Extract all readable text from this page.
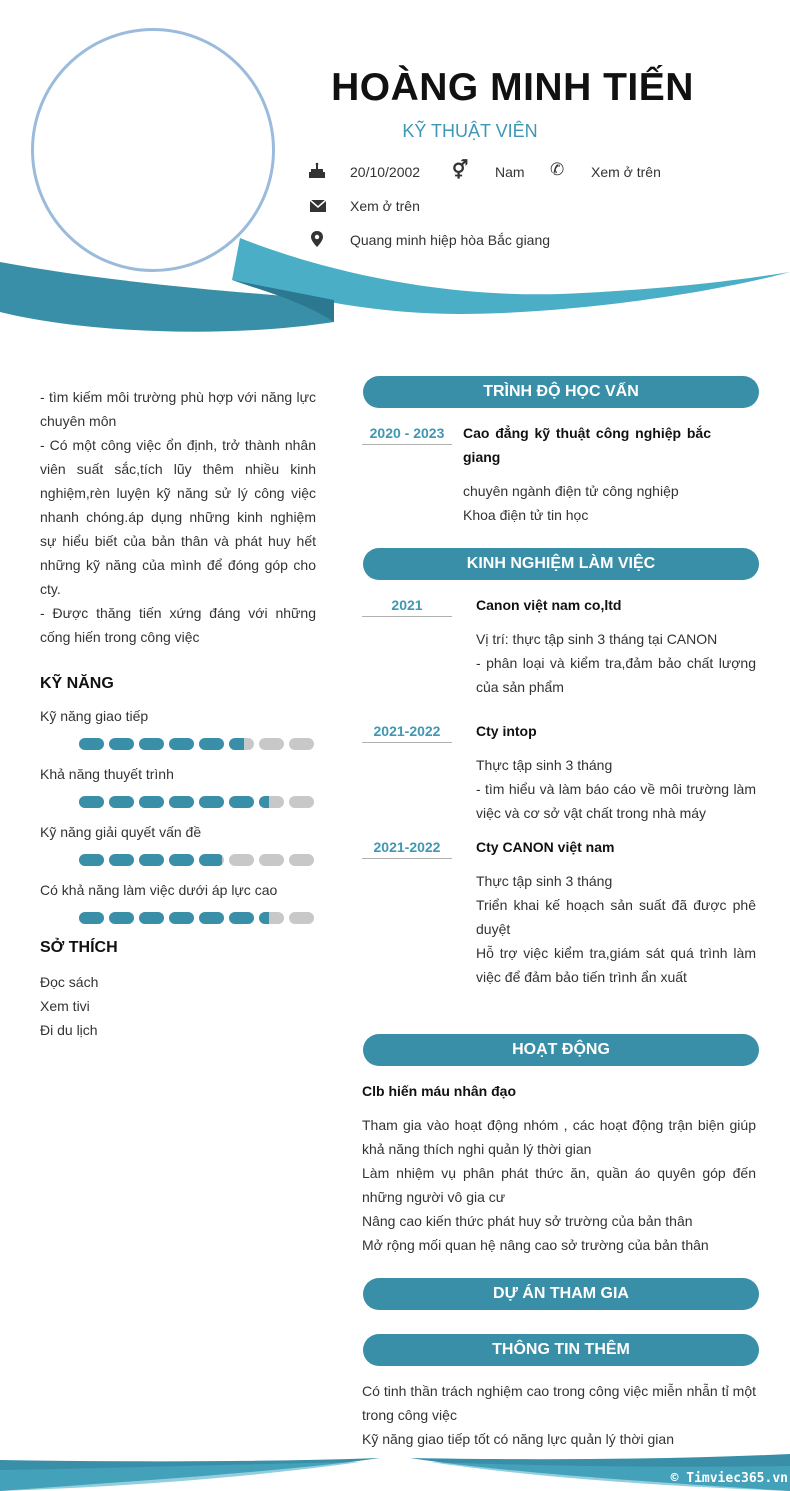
HOÀNG MINH TIẾN
KỸ THUẬT VIÊN
20/10/2002 ⚥ Nam ✆ Xem ở trên
Xem ở trên
Quang minh hiệp hòa Bắc giang
- tìm kiếm môi trường phù hợp với năng lực chuyên môn
- Có một công việc ổn định, trở thành nhân viên suất sắc,tích lũy thêm nhiều kinh nghiệm,rèn luyện kỹ năng sử lý công việc nhanh chóng.áp dụng những kinh nghiệm sự hiểu biết của bản thân và phát huy hết những kỹ năng của mình để đóng góp cho cty.
- Được thăng tiến xứng đáng với những cống hiến trong công việc
KỸ NĂNG
Kỹ năng giao tiếp
Khả năng thuyết trình
Kỹ năng giải quyết vấn đề
Có khả năng làm việc dưới áp lực cao
SỞ THÍCH
Đọc sách
Xem tivi
Đi du lịch
TRÌNH ĐỘ HỌC VẤN
2020 - 2023	Cao đẳng kỹ thuật công nghiệp bắc giang
chuyên ngành điện tử công nghiệp
Khoa điện tử tin học
KINH NGHIỆM LÀM VIỆC
2021	Canon việt nam co,ltd
Vị trí: thực tập sinh 3 tháng tại CANON
- phân loại và kiểm tra,đảm bảo chất lượng của sản phẩm
2021-2022	Cty intop
Thực tập sinh 3 tháng
- tìm hiểu và làm báo cáo về môi trường làm việc và cơ sở vật chất trong nhà máy
2021-2022	Cty CANON việt nam
Thực tập sinh 3 tháng
Triển khai kế hoạch sản suất đã được phê duyệt
Hỗ trợ việc kiểm tra,giám sát quá trình làm việc để đảm bảo tiến trình ẩn xuất
HOẠT ĐỘNG
Clb hiến máu nhân đạo
Tham gia vào hoạt động nhóm , các hoạt động trận biện giúp khả năng thích nghi quản lý thời gian
Làm nhiệm vụ phân phát thức ăn, quần áo quyên góp đến những người vô gia cư
Nâng cao kiến thức phát huy sở trường của bản thân
Mở rộng mối quan hệ nâng cao sở trường của bản thân
DỰ ÁN THAM GIA
THÔNG TIN THÊM
Có tinh thần trách nghiệm cao trong công việc miễn nhẫn tỉ một trong công việc
Kỹ năng giao tiếp tốt có năng lực quản lý thời gian
© Timviec365.vn
